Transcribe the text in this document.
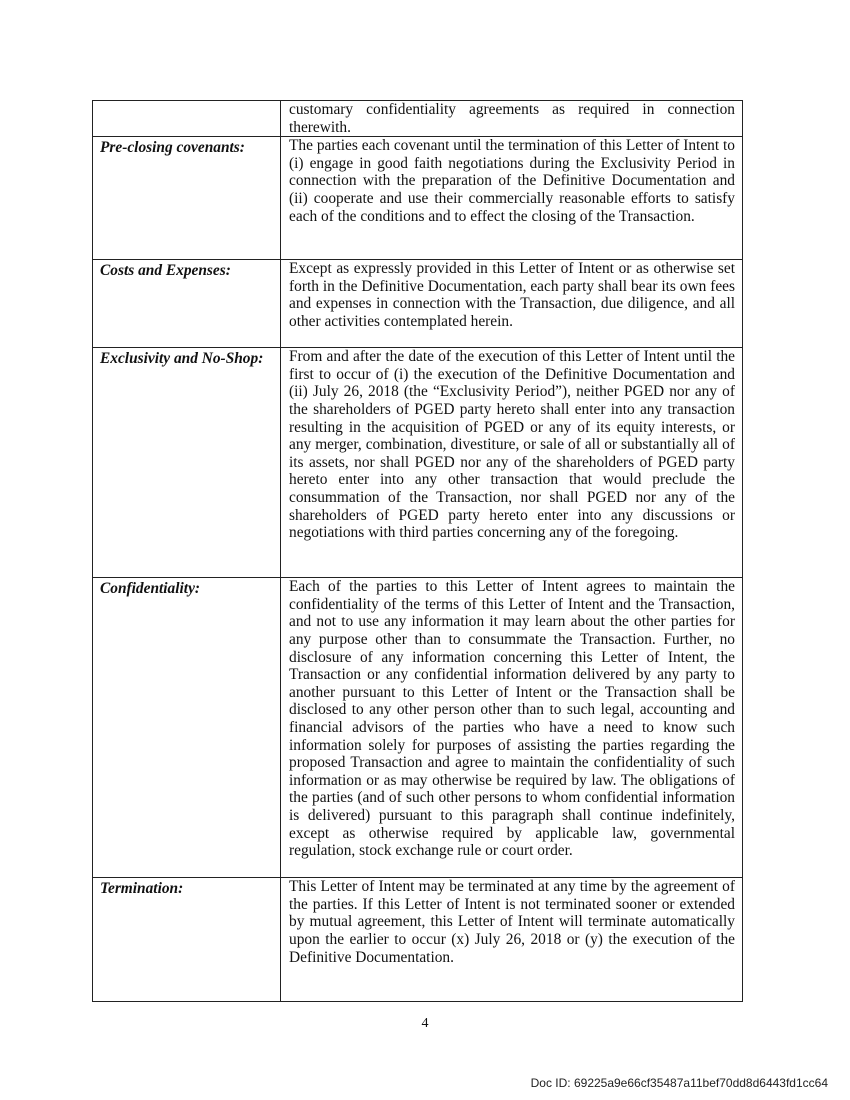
	customary confidentiality agreements as required in connection therewith.
Pre-closing covenants:	The parties each covenant until the termination of this Letter of Intent to (i) engage in good faith negotiations during the Exclusivity Period in connection with the preparation of the Definitive Documentation and (ii) cooperate and use their commercially reasonable efforts to satisfy each of the conditions and to effect the closing of the Transaction.
Costs and Expenses:	Except as expressly provided in this Letter of Intent or as otherwise set forth in the Definitive Documentation, each party shall bear its own fees and expenses in connection with the Transaction, due diligence, and all other activities contemplated herein.
Exclusivity and No-Shop:	From and after the date of the execution of this Letter of Intent until the first to occur of (i) the execution of the Definitive Documentation and (ii) July 26, 2018 (the “Exclusivity Period”), neither PGED nor any of the shareholders of PGED party hereto shall enter into any transaction resulting in the acquisition of PGED or any of its equity interests, or any merger, combination, divestiture, or sale of all or substantially all of its assets, nor shall PGED nor any of the shareholders of PGED party hereto enter into any other transaction that would preclude the consummation of the Transaction, nor shall PGED nor any of the shareholders of PGED party hereto enter into any discussions or negotiations with third parties concerning any of the foregoing.
Confidentiality:	Each of the parties to this Letter of Intent agrees to maintain the confidentiality of the terms of this Letter of Intent and the Transaction, and not to use any information it may learn about the other parties for any purpose other than to consummate the Transaction. Further, no disclosure of any information concerning this Letter of Intent, the Transaction or any confidential information delivered by any party to another pursuant to this Letter of Intent or the Transaction shall be disclosed to any other person other than to such legal, accounting and financial advisors of the parties who have a need to know such information solely for purposes of assisting the parties regarding the proposed Transaction and agree to maintain the confidentiality of such information or as may otherwise be required by law. The obligations of the parties (and of such other persons to whom confidential information is delivered) pursuant to this paragraph shall continue indefinitely, except as otherwise required by applicable law, governmental regulation, stock exchange rule or court order.
Termination:	This Letter of Intent may be terminated at any time by the agreement of the parties. If this Letter of Intent is not terminated sooner or extended by mutual agreement, this Letter of Intent will terminate automatically upon the earlier to occur (x) July 26, 2018 or (y) the execution of the Definitive Documentation.
4
Doc ID: 69225a9e66cf35487a11bef70dd8d6443fd1cc64
